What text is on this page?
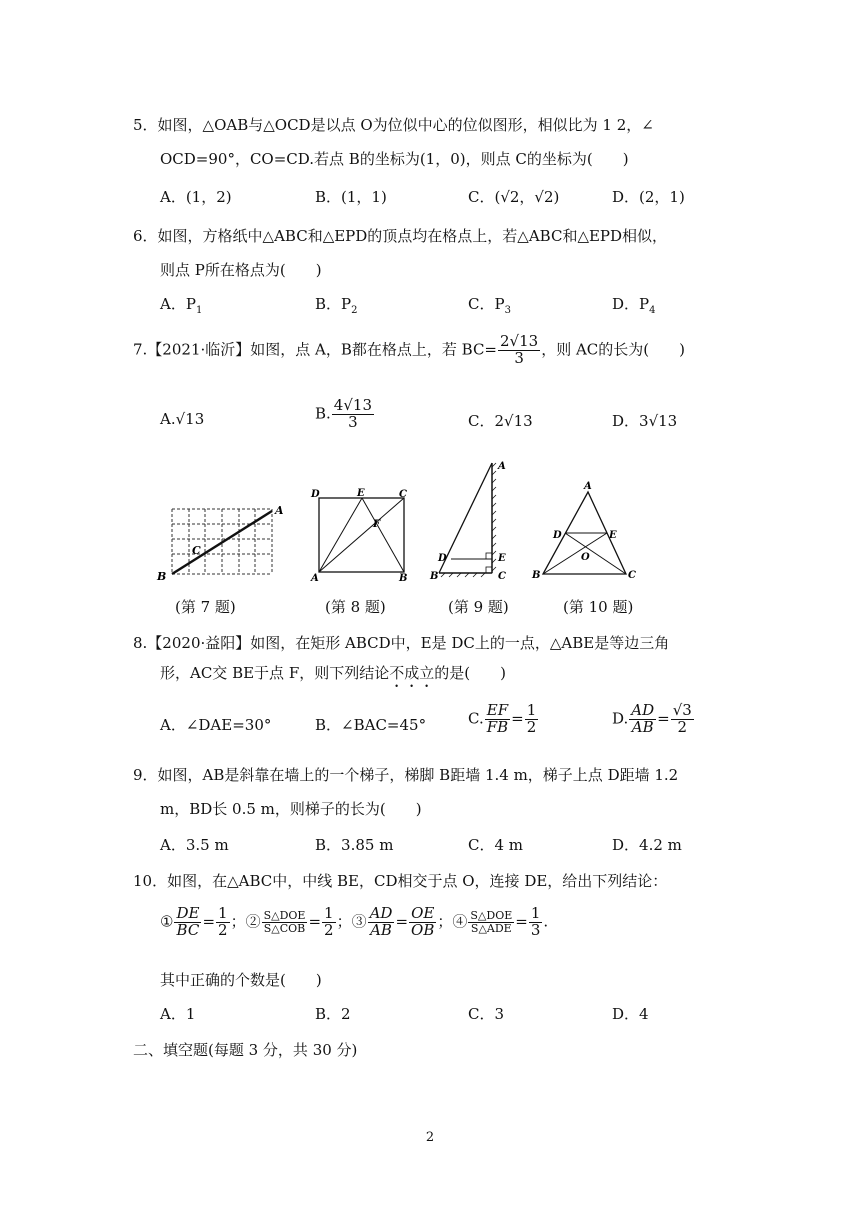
5．如图，△OAB与△OCD是以点 O为位似中心的位似图形，相似比为 1 2，∠
OCD=90°，CO=CD.若点 B的坐标为(1，0)，则点 C的坐标为(　　)
A．(1，2)	B．(1，1)	C．(√2，√2)	D．(2，1)
6．如图，方格纸中△ABC和△EPD的顶点均在格点上，若△ABC和△EPD相似，
则点 P所在格点为(　　)
A．$P_1$	B．$P_2$	C．$P_3$	D．$P_4$
7.【2021·临沂】如图，点 A，B都在格点上，若 $BC= \frac{2√13}{3}$ ，则 AC的长为(　　)
A.√13	B. $\frac{4√13}{3}$	C．2√13	D．3√13
B
A
C
D	E	C
F
A	B
A
D	E
B	C
A
D	E
O
B	C
(第 7 题)	(第 8 题)	(第 9 题)	(第 10 题)
8.【2020·益阳】如图，在矩形 ABCD中，E是 DC上的一点，△ABE是等边三角
形，AC交 BE于点 F，则下列结论不成立的是(　　)
A．∠DAE=30°	B．∠BAC=45°	C. $\frac{EF}{FB} = \frac{1}{2}$	D. $\frac{AD}{AB} = \frac{√3}{2}$
9．如图，AB是斜靠在墙上的一个梯子，梯脚 B距墙 1.4 m，梯子上点 D距墙 1.2
m，BD长 0.5 m，则梯子的长为(　　)
A．3.5 m	B．3.85 m	C．4 m	D．4.2 m
10．如图，在△ABC中，中线 BE，CD相交于点 O，连接 DE，给出下列结论：
① $\frac{DE}{BC} = \frac{1}{2}$ ；② $\frac{\text{S△DOE}}{\text{S△COB}} = \frac{1}{2}$ ；③ $\frac{AD}{AB} = \frac{OE}{OB}$ ；④ $\frac{\text{S△DOE}}{\text{S△ADE}} = \frac{1}{3}$ .
其中正确的个数是(　　)
A．1	B．2	C．3	D．4
二、填空题(每题 3 分，共 30 分)
2
